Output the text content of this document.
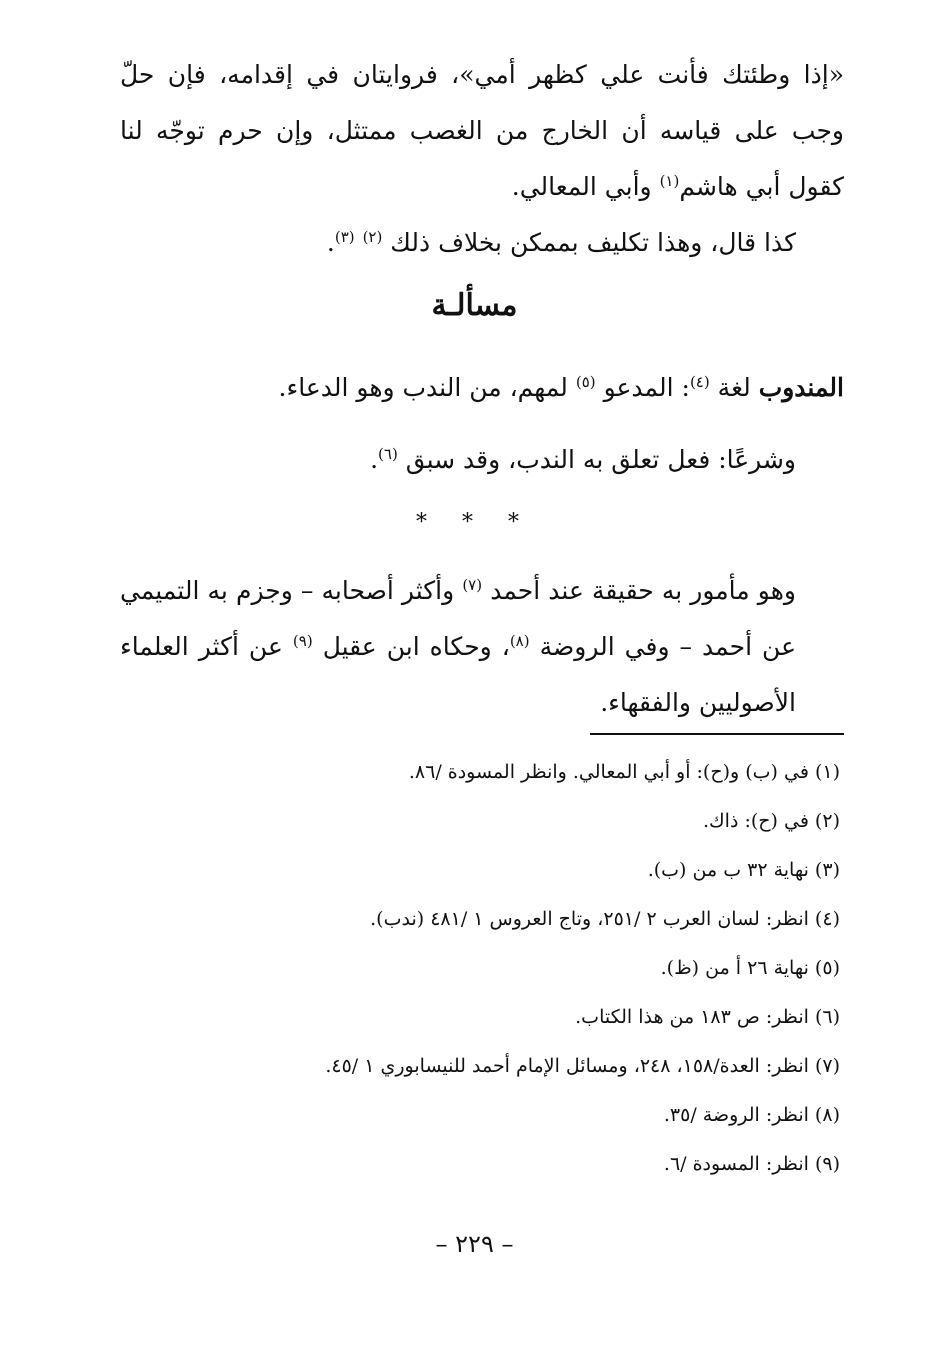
«إذا وطئتك فأنت علي كظهر أمي»، فروايتان في إقدامه، فإن حلّ وجب على قياسه أن الخارج من الغصب ممتثل، وإن حرم توجّه لنا كقول أبي هاشم$^{(١)}$ وأبي المعالي.

كذا قال، وهذا تكليف بممكن بخلاف ذلك $^{(٢)}$ $^{(٣)}$.

مسألـة

المندوب لغة $^{(٤)}$: المدعو $^{(٥)}$ لمهم، من الندب وهو الدعاء.

وشرعًا: فعل تعلق به الندب، وقد سبق $^{(٦)}$.

* * *

وهو مأمور به حقيقة عند أحمد $^{(٧)}$ وأكثر أصحابه – وجزم به التميمي عن أحمد – وفي الروضة $^{(٨)}$، وحكاه ابن عقيل $^{(٩)}$ عن أكثر العلماء الأصوليين والفقهاء.

(١) في (ب) و(ح): أو أبي المعالي. وانظر المسودة /٨٦.
(٢) في (ح): ذاك.
(٣) نهاية ٣٢ ب من (ب).
(٤) انظر: لسان العرب ٢ /٢٥١، وتاج العروس ١ /٤٨١ (ندب).
(٥) نهاية ٢٦ أ من (ظ).
(٦) انظر: ص ١٨٣ من هذا الكتاب.
(٧) انظر: العدة/١٥٨، ٢٤٨، ومسائل الإمام أحمد للنيسابوري ١ /٤٥.
(٨) انظر: الروضة /٣٥.
(٩) انظر: المسودة /٦.
– ٢٢٩ –
